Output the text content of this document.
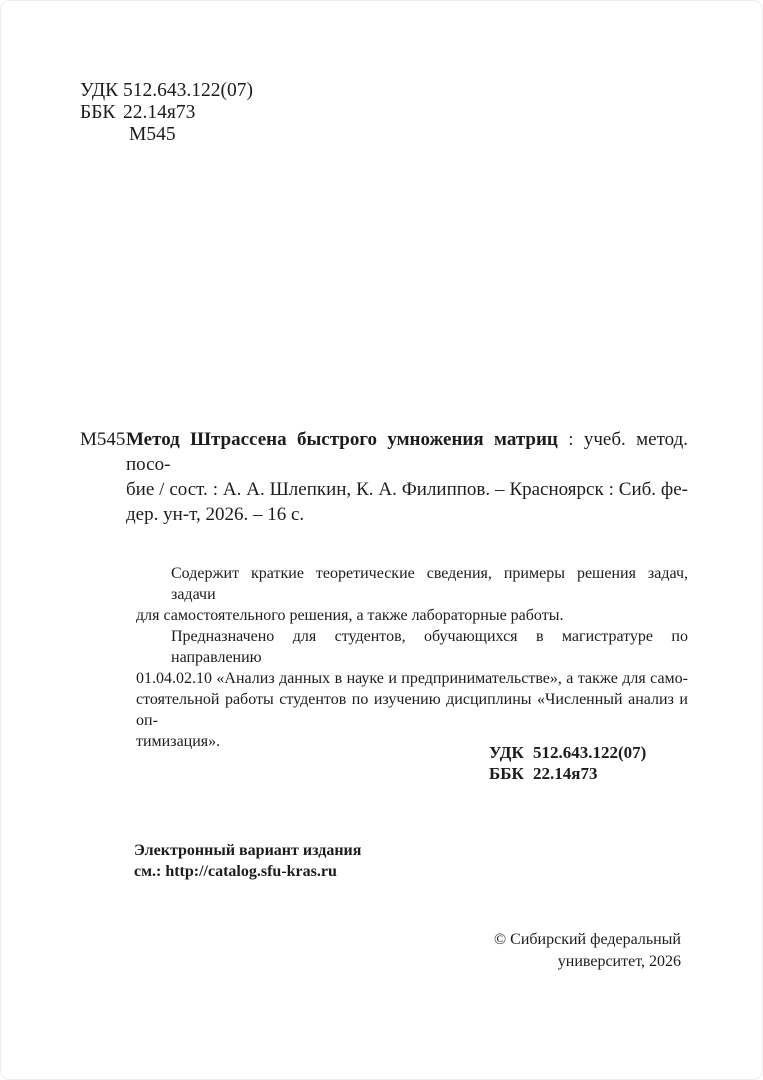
УДК 512.643.122(07)
ББК 22.14я73
М545
М545 Метод Штрассена быстрого умножения матриц : учеб. метод. посо-
бие / сост. : А. А. Шлепкин, К. А. Филиппов. – Красноярск : Сиб. фе-
дер. ун-т, 2026. – 16 с.
Содержит краткие теоретические сведения, примеры решения задач, задачи
для самостоятельного решения, а также лабораторные работы.
Предназначено для студентов, обучающихся в магистратуре по направлению
01.04.02.10 «Анализ данных в науке и предпринимательстве», а также для само-
стоятельной работы студентов по изучению дисциплины «Численный анализ и оп-
тимизация».
УДК 512.643.122(07)
ББК 22.14я73
Электронный вариант издания
см.: http://catalog.sfu-kras.ru
© Сибирский федеральный
университет, 2026
